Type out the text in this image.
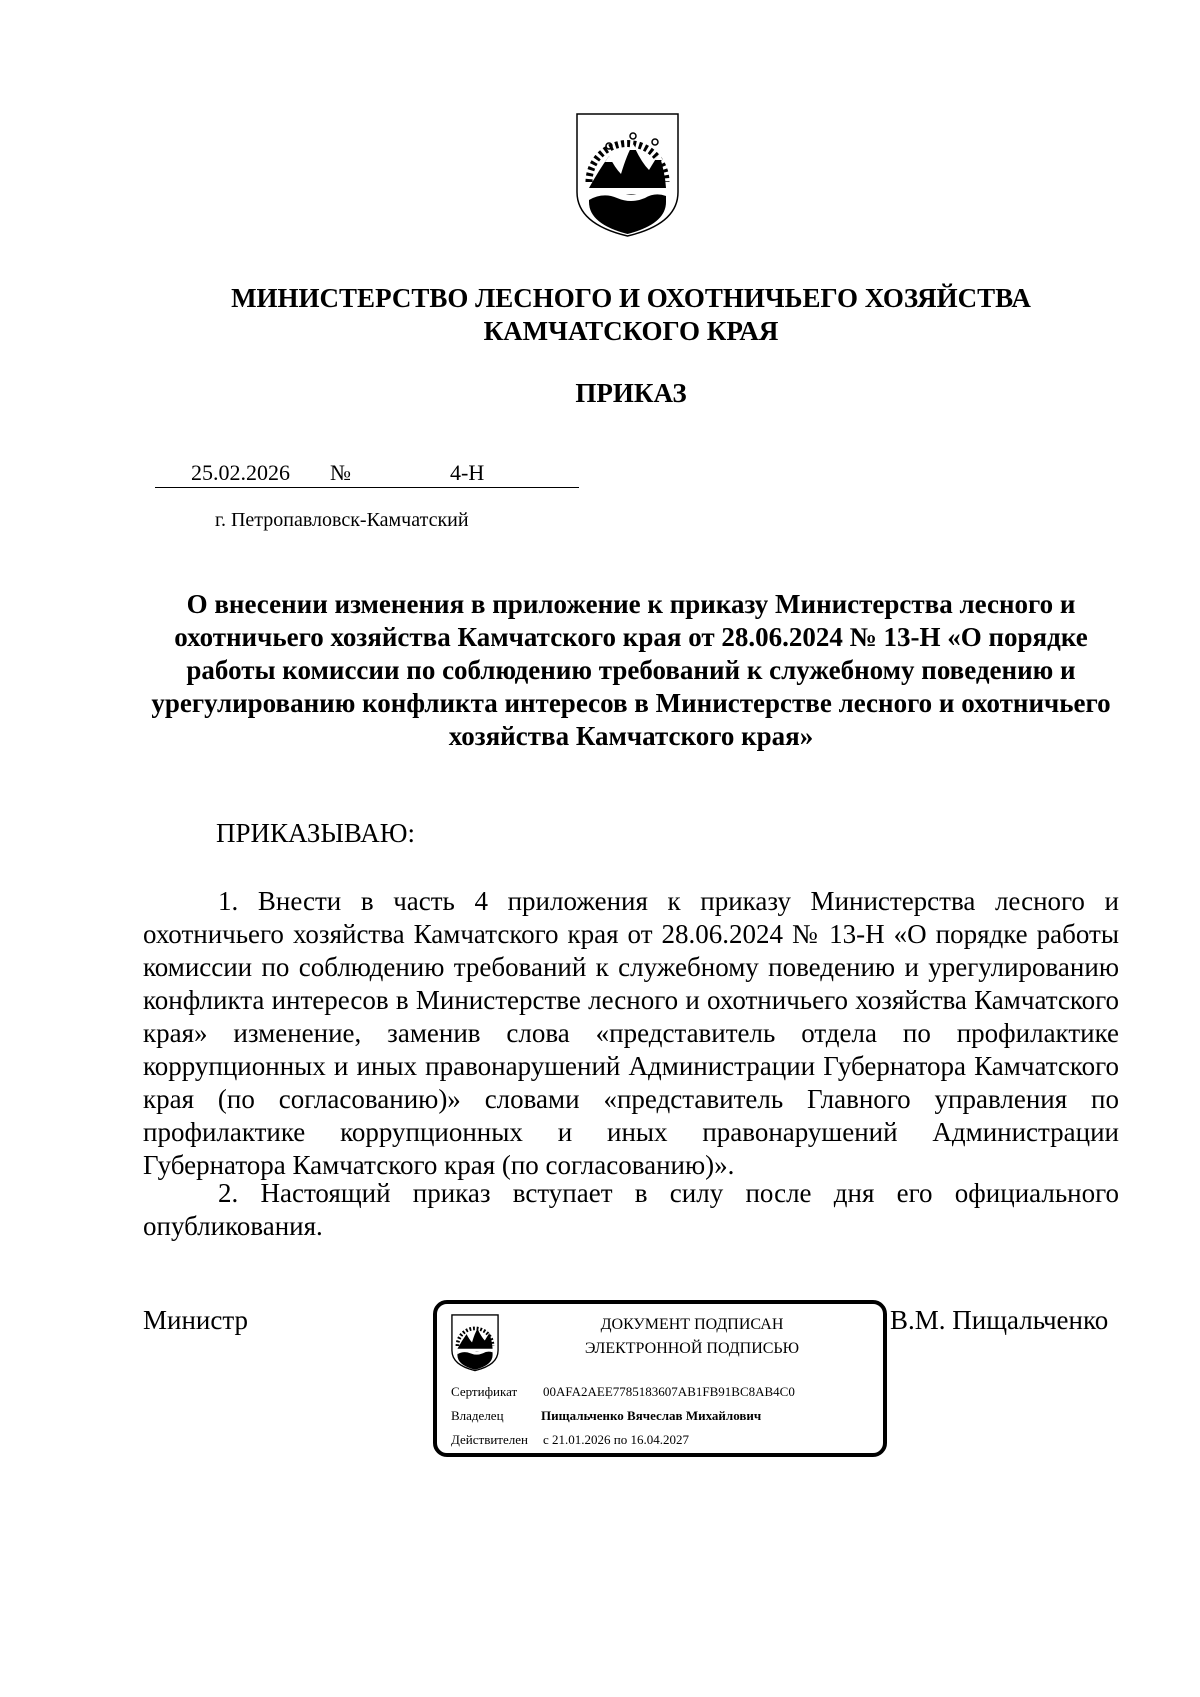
МИНИСТЕРСТВО ЛЕСНОГО И ОХОТНИЧЬЕГО ХОЗЯЙСТВА
КАМЧАТСКОГО КРАЯ
ПРИКАЗ
25.02.2026 №	4-Н
г. Петропавловск-Камчатский
О внесении изменения в приложение к приказу Министерства лесного и охотничьего хозяйства Камчатского края от 28.06.2024 № 13-Н «О порядке работы комиссии по соблюдению требований к служебному поведению и урегулированию конфликта интересов в Министерстве лесного и охотничьего хозяйства Камчатского края»
ПРИКАЗЫВАЮ:
1. Внести в часть 4 приложения к приказу Министерства лесного и охотничьего хозяйства Камчатского края от 28.06.2024 № 13-Н «О порядке работы комиссии по соблюдению требований к служебному поведению и урегулированию конфликта интересов в Министерстве лесного и охотничьего хозяйства Камчатского края» изменение, заменив слова «представитель отдела по профилактике коррупционных и иных правонарушений Администрации Губернатора Камчатского края (по согласованию)» словами «представитель Главного управления по профилактике коррупционных и иных правонарушений Администрации Губернатора Камчатского края (по согласованию)».
2. Настоящий приказ вступает в силу после дня его официального опубликования.
Министр	В.М. Пищальченко
ДОКУМЕНТ ПОДПИСАН
ЭЛЕКТРОННОЙ ПОДПИСЬЮ
Сертификат 00AFA2AEE7785183607AB1FB91BC8AB4C0
Владелец	Пищальченко Вячеслав Михайлович
Действителен с 21.01.2026 по 16.04.2027
